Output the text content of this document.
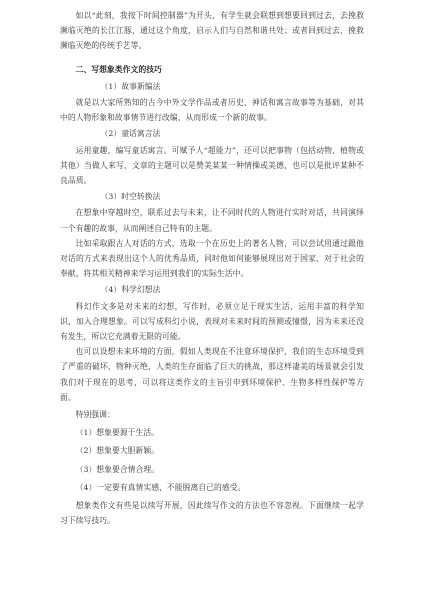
如以“此刻，我按下时间控制器”为开头，有学生就会联想到想要回到过去，去挽救濒临灭绝的长江江豚，通过这个角度，启示人们与自然和谐共处；或者回到过去，挽救濒临灭绝的传统手艺等。

二、写想象类作文的技巧

（1）故事新编法

就是以大家所熟知的古今中外文学作品或者历史、神话和寓言故事等为基础，对其中的人物形象和故事情节进行改编，从而形成一个新的故事。

（2）童话寓言法

运用童趣，编写童话寓言。可赋予人“超能力”，还可以把事物（包括动物、植物或其他）当做人来写，文章的主题可以是赞美某某一种情操或美德，也可以是批评某种不良品质。

（3）时空转换法

在想象中穿越时空，联系过去与未来，让不同时代的人物进行实时对话，共同演绎一个有趣的故事，从而阐述自己特有的主题。

比如采取跟古人对话的方式，选取一个在历史上的著名人物，可以尝试用通过跟他对话的方式来表现出这个人的优秀品质，同时他如何能够展现出对于国家、对于社会的奉献，将其相关精神来学习运用到我们的实际生活中。

（4）科学幻想法

科幻作文多是对未来的幻想，写作时，必须立足于现实生活，运用丰富的科学知识，加入合理想象。可以写成科幻小说，表现对未来时间的预测或憧憬，因为未来还没有发生，所以它充满着无限的可能。

也可以设想未来环境的方面，假如人类现在不注意环境保护，我们的生态环境受到了严重的破坏，物种灭绝，人类的生存面临了巨大的挑战，那这样凄美的场景就会引发我们对于现在的思考，可以将这类作文的主旨引申到环境保护、生物多样性保护等方面。

特别强调：

（1）想象要源于生活。

（2）想象要大胆新颖。

（3）想象要合情合理。

（4）一定要有真情实感，不能脱离自己的感受。

想象类作文有些是以续写开展，因此续写作文的方法也不容忽视。下面继续一起学习下续写技巧。
